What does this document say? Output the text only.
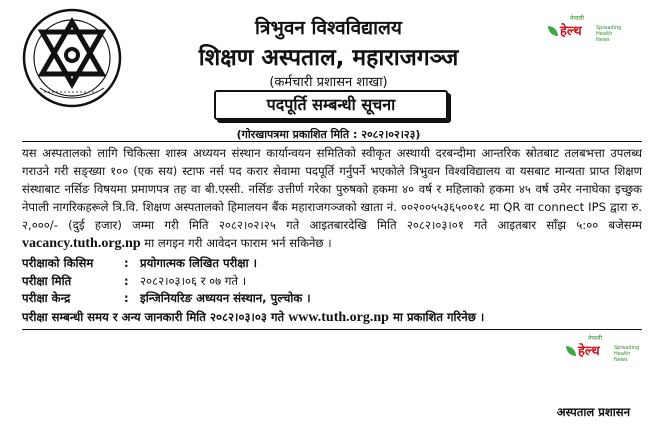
नेपाली
हेल्थ	Spreading Health News
त्रिभुवन विश्वविद्यालय
शिक्षण अस्पताल, महाराजगञ्ज
(कर्मचारी प्रशासन शाखा)
पदपूर्ति सम्बन्धी सूचना
(गोरखापत्रमा प्रकाशित मिति : २०८२।०२।२३)

यस अस्पतालको लागि चिकित्सा शास्त्र अध्ययन संस्थान कार्यान्वयन समितिको स्वीकृत अस्थायी दरबन्दीमा आन्तरिक स्रोतबाट तलबभत्ता उपलब्ध गराउने गरी सङ्ख्या १०० (एक सय) स्टाफ नर्स पद करार सेवामा पदपूर्ति गर्नुपर्ने भएकोले त्रिभुवन विश्वविद्यालय वा यसबाट मान्यता प्राप्त शिक्षण संस्थाबाट नर्सिङ विषयमा प्रमाणपत्र तह वा बी.एस्सी. नर्सिङ उत्तीर्ण गरेका पुरुषको हकमा ४० वर्ष र महिलाको हकमा ४५ वर्ष उमेर ननाघेका इच्छुक नेपाली नागरिकहरूले त्रि.वि. शिक्षण अस्पतालको हिमालयन बैंक महाराजगञ्जको खाता नं. ००२००५५३६५००१८ मा QR वा connect IPS द्वारा रु. २,०००/- (दुई हजार) जम्मा गरी मिति २०८२।०२।२५ गते आइतबारदेखि मिति २०८२।०३।०१ गते आइतबार साँझ ५:०० बजेसम्म vacancy.tuth.org.np मा लगइन गरी आवेदन फाराम भर्न सकिनेछ ।

परीक्षाको किसिम	: प्रयोगात्मक लिखित परीक्षा ।
परीक्षा मिति	: २०८२।०३।०६ र ०७ गते ।
परीक्षा केन्द्र	: इन्जिनियरिङ अध्ययन संस्थान, पुल्चोक ।
परीक्षा सम्बन्धी समय र अन्य जानकारी मिति २०८२।०३।०३ गते www.tuth.org.np मा प्रकाशित गरिनेछ ।
नेपाली
हेल्थ	Spreading Health News
अस्पताल प्रशासन
